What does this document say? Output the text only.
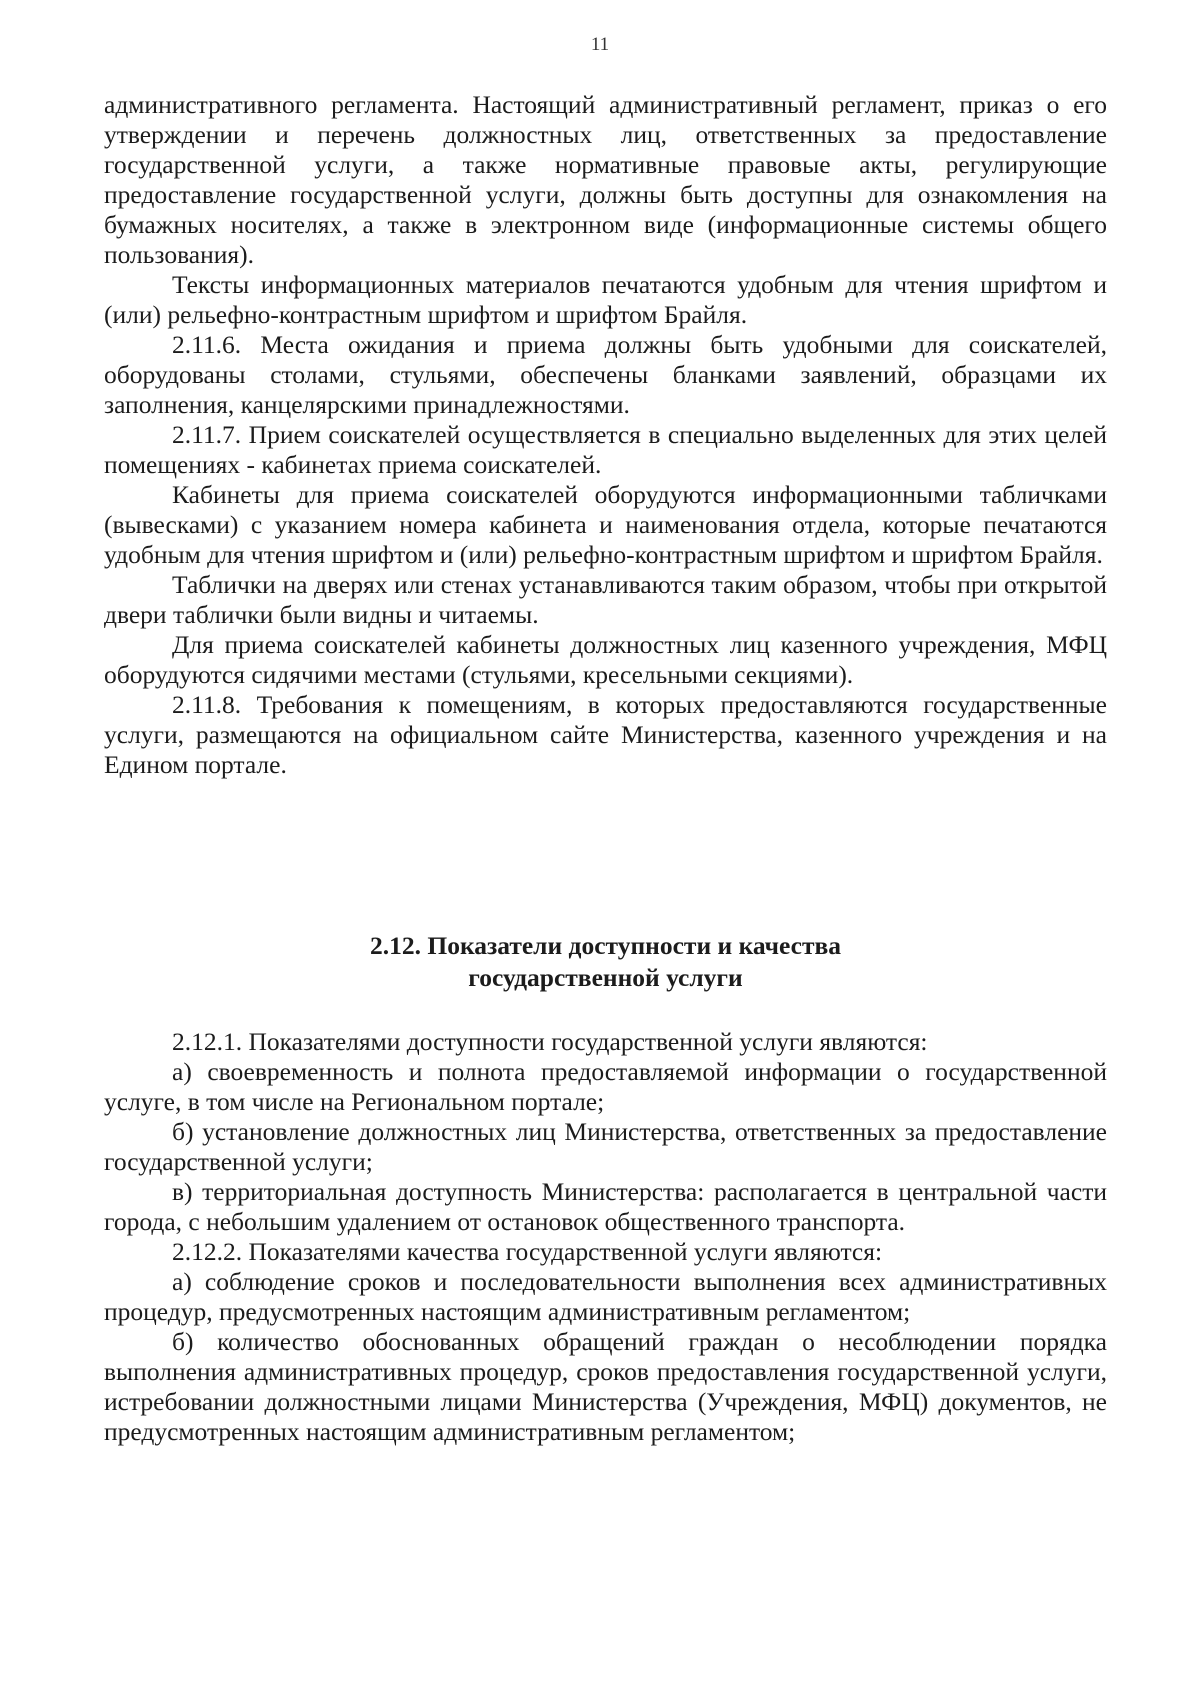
11

административного регламента. Настоящий административный регламент, приказ о его утверждении и перечень должностных лиц, ответственных за предоставление государственной услуги, а также нормативные правовые акты, регулирующие предоставление государственной услуги, должны быть доступны для ознакомления на бумажных носителях, а также в электронном виде (информационные системы общего пользования).

Тексты информационных материалов печатаются удобным для чтения шрифтом и (или) рельефно-контрастным шрифтом и шрифтом Брайля.

2.11.6. Места ожидания и приема должны быть удобными для соискателей, оборудованы столами, стульями, обеспечены бланками заявлений, образцами их заполнения, канцелярскими принадлежностями.

2.11.7. Прием соискателей осуществляется в специально выделенных для этих целей помещениях - кабинетах приема соискателей.

Кабинеты для приема соискателей оборудуются информационными табличками (вывесками) с указанием номера кабинета и наименования отдела, которые печатаются удобным для чтения шрифтом и (или) рельефно-контрастным шрифтом и шрифтом Брайля.

Таблички на дверях или стенах устанавливаются таким образом, чтобы при открытой двери таблички были видны и читаемы.

Для приема соискателей кабинеты должностных лиц казенного учреждения, МФЦ оборудуются сидячими местами (стульями, кресельными секциями).

2.11.8. Требования к помещениям, в которых предоставляются государственные услуги, размещаются на официальном сайте Министерства, казенного учреждения и на Едином портале.

2.12. Показатели доступности и качества
государственной услуги

2.12.1. Показателями доступности государственной услуги являются:

а) своевременность и полнота предоставляемой информации о государственной услуге, в том числе на Региональном портале;

б) установление должностных лиц Министерства, ответственных за предоставление государственной услуги;

в) территориальная доступность Министерства: располагается в центральной части города, с небольшим удалением от остановок общественного транспорта.

2.12.2. Показателями качества государственной услуги являются:

а) соблюдение сроков и последовательности выполнения всех административных процедур, предусмотренных настоящим административным регламентом;

б) количество обоснованных обращений граждан о несоблюдении порядка выполнения административных процедур, сроков предоставления государственной услуги, истребовании должностными лицами Министерства (Учреждения, МФЦ) документов, не предусмотренных настоящим административным регламентом;
